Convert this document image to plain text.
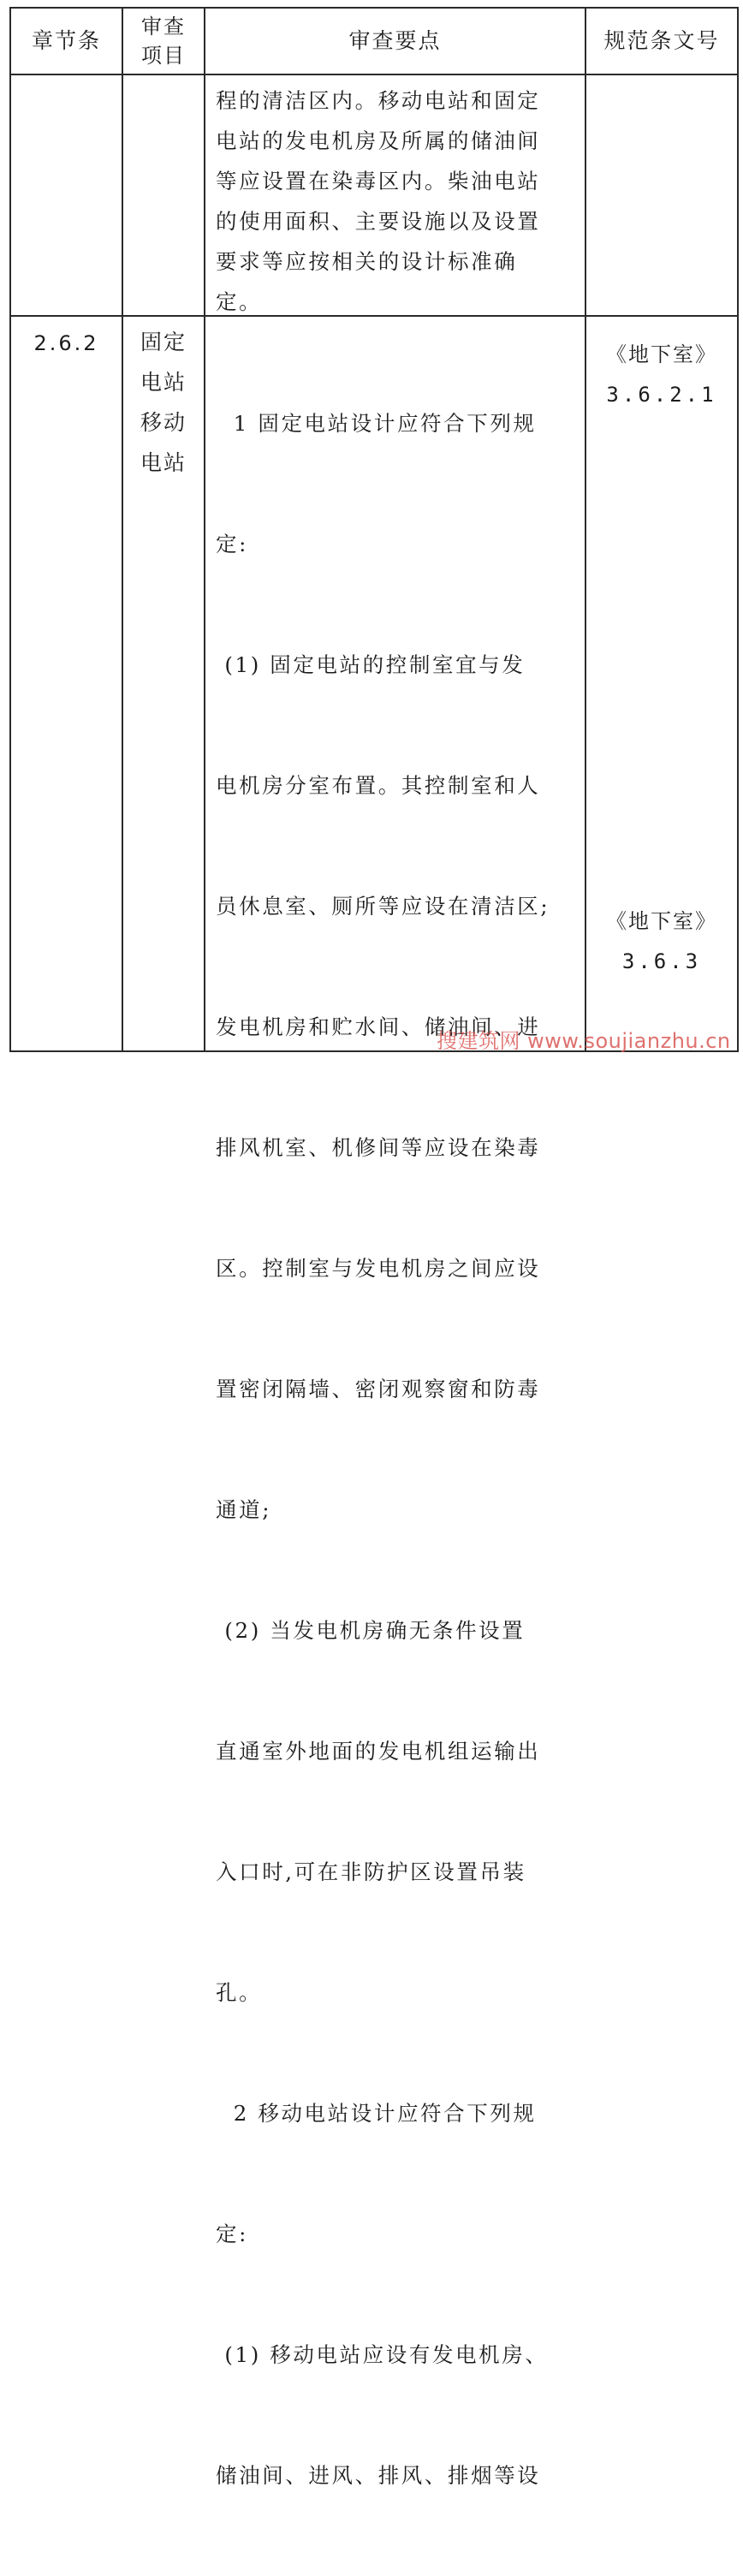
章节条
审查
项目
审查要点	规范条文号
程的清洁区内。移动电站和固定
电站的发电机房及所属的储油间
等应设置在染毒区内。柴油电站
的使用面积、主要设施以及设置
要求等应按相关的设计标准确
定。
2.6.2	固定
电站
移动
电站

1 固定电站设计应符合下列规

定:

(1) 固定电站的控制室宜与发

电机房分室布置。其控制室和人

员休息室、厕所等应设在清洁区;

发电机房和贮水间、储油间、进

排风机室、机修间等应设在染毒

区。控制室与发电机房之间应设

置密闭隔墙、密闭观察窗和防毒

通道;

(2) 当发电机房确无条件设置

直通室外地面的发电机组运输出

入口时,可在非防护区设置吊装

孔。

2 移动电站设计应符合下列规

定:

(1) 移动电站应设有发电机房、

储油间、进风、排风、排烟等设

《地下室》
3.6.2.1
《地下室》
3.6.3
搜建筑网 www.soujianzhu.cn
